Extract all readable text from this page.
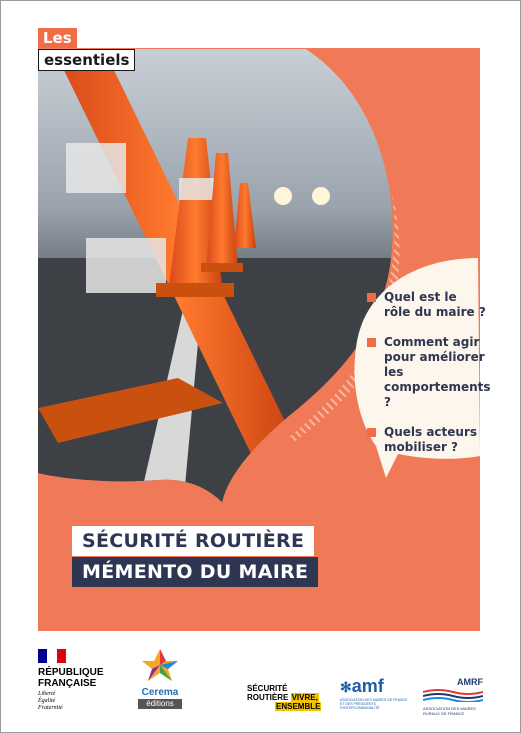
Les
essentiels
Quel est le rôle du maire ?
Comment agir pour améliorer les comportements ?
Quels acteurs mobiliser ?
SÉCURITÉ ROUTIÈRE
MÉMENTO DU MAIRE
RÉPUBLIQUE
FRANÇAISE
Liberté
Égalité
Fraternité
Cerema
éditions
SÉCURITÉ
ROUTIÈRE VIVRE,
ENSEMBLE
✻amf
ASSOCIATION DES MAIRES DE FRANCE
ET DES PRÉSIDENTS D'INTERCOMMUNALITÉ
AMRF
ASSOCIATION DES MAIRES
RURAUX DE FRANCE
